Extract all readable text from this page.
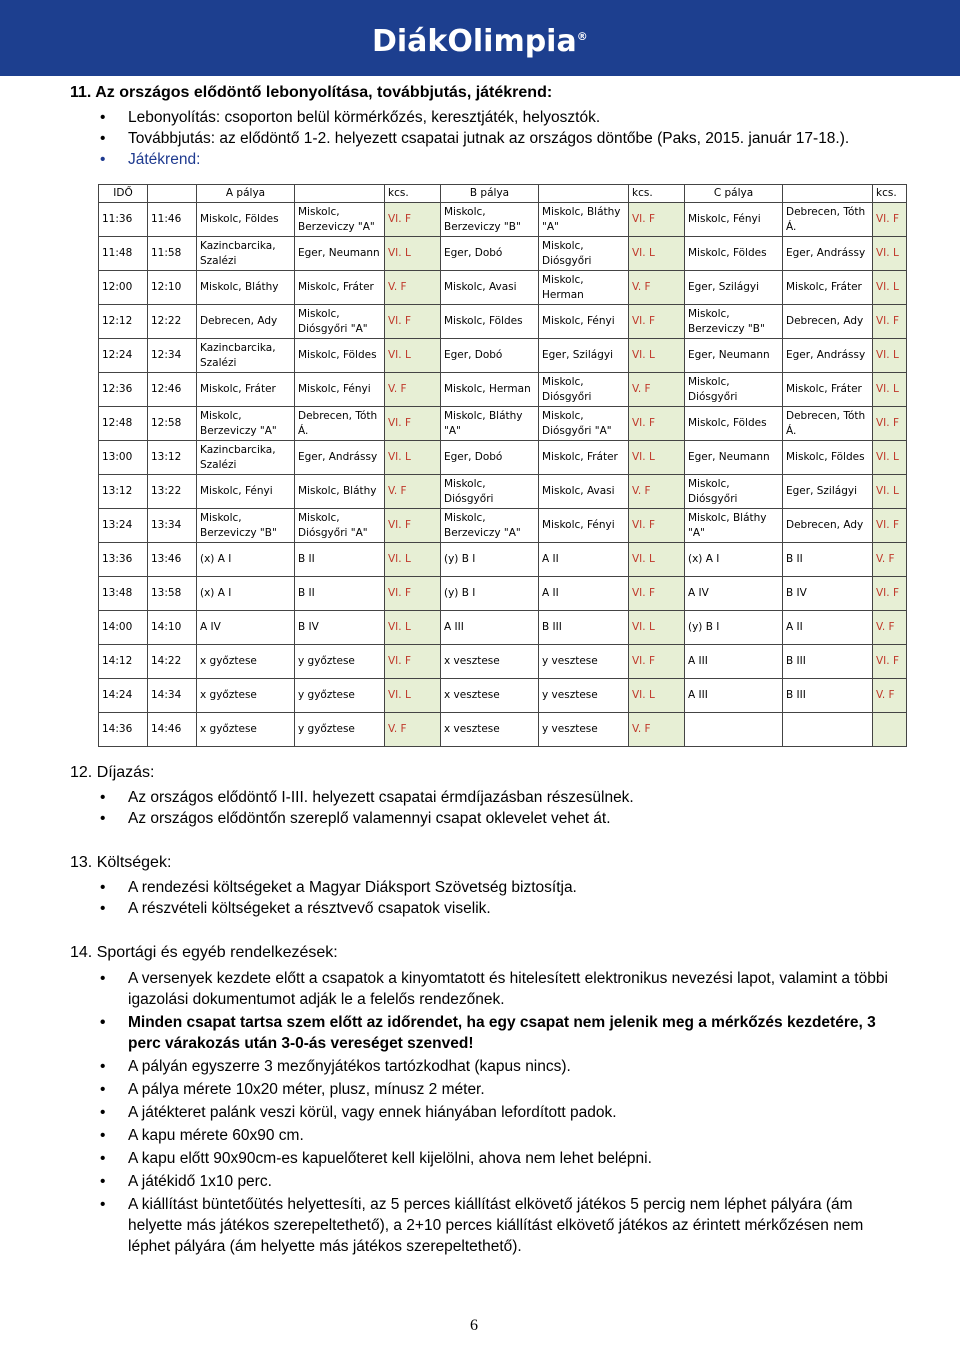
DiákOlimpia®
11. Az országos elődöntő lebonyolítása, továbbjutás, játékrend:
• Lebonyolítás: csoporton belül körmérkőzés, keresztjáték, helyosztók.
• Továbbjutás: az elődöntő 1-2. helyezett csapatai jutnak az országos döntőbe (Paks, 2015. január 17-18.).
• Játékrend:
IDŐ		A pálya		kcs.	B pálya		kcs.	C pálya		kcs.
11:36	11:46	Miskolc, Földes	Miskolc, Berzeviczy "A"	VI. F	Miskolc, Berzeviczy "B"	Miskolc, Bláthy "A"	VI. F	Miskolc, Fényi	Debrecen, Tóth Á.	VI. F
11:48	11:58	Kazincbarcika, Szalézi	Eger, Neumann	VI. L	Eger, Dobó	Miskolc, Diósgyőri	VI. L	Miskolc, Földes	Eger, Andrássy	VI. L
12:00	12:10	Miskolc, Bláthy	Miskolc, Fráter	V. F	Miskolc, Avasi	Miskolc, Herman	V. F	Eger, Szilágyi	Miskolc, Fráter	VI. L
12:12	12:22	Debrecen, Ady	Miskolc, Diósgyőri "A"	VI. F	Miskolc, Földes	Miskolc, Fényi	VI. F	Miskolc, Berzeviczy "B"	Debrecen, Ady	VI. F
12:24	12:34	Kazincbarcika, Szalézi	Miskolc, Földes	VI. L	Eger, Dobó	Eger, Szilágyi	VI. L	Eger, Neumann	Eger, Andrássy	VI. L
12:36	12:46	Miskolc, Fráter	Miskolc, Fényi	V. F	Miskolc, Herman	Miskolc, Diósgyőri	V. F	Miskolc, Diósgyőri	Miskolc, Fráter	VI. L
12:48	12:58	Miskolc, Berzeviczy "A"	Debrecen, Tóth Á.	VI. F	Miskolc, Bláthy "A"	Miskolc, Diósgyőri "A"	VI. F	Miskolc, Földes	Debrecen, Tóth Á.	VI. F
13:00	13:12	Kazincbarcika, Szalézi	Eger, Andrássy	VI. L	Eger, Dobó	Miskolc, Fráter	VI. L	Eger, Neumann	Miskolc, Földes	VI. L
13:12	13:22	Miskolc, Fényi	Miskolc, Bláthy	V. F	Miskolc, Diósgyőri	Miskolc, Avasi	V. F	Miskolc, Diósgyőri	Eger, Szilágyi	VI. L
13:24	13:34	Miskolc, Berzeviczy "B"	Miskolc, Diósgyőri "A"	VI. F	Miskolc, Berzeviczy "A"	Miskolc, Fényi	VI. F	Miskolc, Bláthy "A"	Debrecen, Ady	VI. F
13:36	13:46	(x) A I	B II	VI. L	(y) B I	A II	VI. L	(x) A I	B II	V. F
13:48	13:58	(x) A I	B II	VI. F	(y) B I	A II	VI. F	A IV	B IV	VI. F
14:00	14:10	A IV	B IV	VI. L	A III	B III	VI. L	(y) B I	A II	V. F
14:12	14:22	x győztese	y győztese	VI. F	x vesztese	y vesztese	VI. F	A III	B III	VI. F
14:24	14:34	x győztese	y győztese	VI. L	x vesztese	y vesztese	VI. L	A III	B III	V. F
14:36	14:46	x győztese	y győztese	V. F	x vesztese	y vesztese	V. F			
12. Díjazás:
• Az országos elődöntő I-III. helyezett csapatai érmdíjazásban részesülnek.
• Az országos elődöntőn szereplő valamennyi csapat oklevelet vehet át.
13. Költségek:
• A rendezési költségeket a Magyar Diáksport Szövetség biztosítja.
• A részvételi költségeket a résztvevő csapatok viselik.
14. Sportági és egyéb rendelkezések:
• A versenyek kezdete előtt a csapatok a kinyomtatott és hitelesített elektronikus nevezési lapot, valamint a többi igazolási dokumentumot adják le a felelős rendezőnek.
• Minden csapat tartsa szem előtt az időrendet, ha egy csapat nem jelenik meg a mérkőzés kezdetére, 3 perc várakozás után 3-0-ás vereséget szenved!
• A pályán egyszerre 3 mezőnyjátékos tartózkodhat (kapus nincs).
• A pálya mérete 10x20 méter, plusz, mínusz 2 méter.
• A játékteret palánk veszi körül, vagy ennek hiányában lefordított padok.
• A kapu mérete 60x90 cm.
• A kapu előtt 90x90cm-es kapuelőteret kell kijelölni, ahova nem lehet belépni.
• A játékidő 1x10 perc.
• A kiállítást büntetőütés helyettesíti, az 5 perces kiállítást elkövető játékos 5 percig nem léphet pályára (ám helyette más játékos szerepeltethető), a 2+10 perces kiállítást elkövető játékos az érintett mérkőzésen nem léphet pályára (ám helyette más játékos szerepeltethető).
6
